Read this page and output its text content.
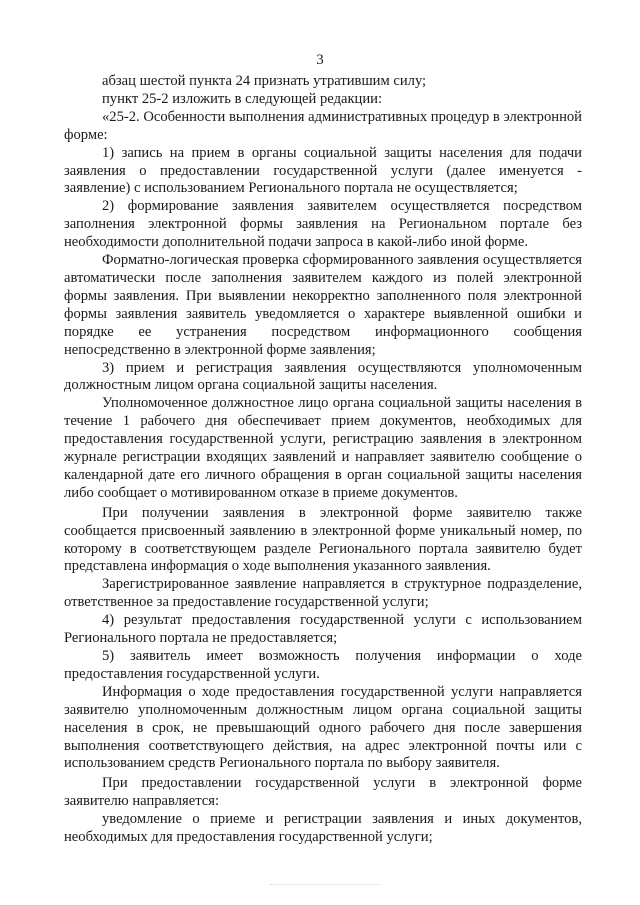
3

абзац шестой пункта 24 признать утратившим силу;

пункт 25-2 изложить в следующей редакции:

«25-2. Особенности выполнения административных процедур в электронной форме:

1) запись на прием в органы социальной защиты населения для подачи заявления о предоставлении государственной услуги (далее именуется - заявление) с использованием Регионального портала не осуществляется;

2) формирование заявления заявителем осуществляется посредством заполнения электронной формы заявления на Региональном портале без необходимости дополнительной подачи запроса в какой-либо иной форме.

Форматно-логическая проверка сформированного заявления осуществляется автоматически после заполнения заявителем каждого из полей электронной формы заявления. При выявлении некорректно заполненного поля электронной формы заявления заявитель уведомляется о характере выявленной ошибки и порядке ее устранения посредством информационного сообщения непосредственно в электронной форме заявления;

3) прием и регистрация заявления осуществляются уполномоченным должностным лицом органа социальной защиты населения.

Уполномоченное должностное лицо органа социальной защиты населения в течение 1 рабочего дня обеспечивает прием документов, необходимых для предоставления государственной услуги, регистрацию заявления в электронном журнале регистрации входящих заявлений и направляет заявителю сообщение о календарной дате его личного обращения в орган социальной защиты населения либо сообщает о мотивированном отказе в приеме документов.

При получении заявления в электронной форме заявителю также сообщается присвоенный заявлению в электронной форме уникальный номер, по которому в соответствующем разделе Регионального портала заявителю будет представлена информация о ходе выполнения указанного заявления.

Зарегистрированное заявление направляется в структурное подразделение, ответственное за предоставление государственной услуги;

4) результат предоставления государственной услуги с использованием Регионального портала не предоставляется;

5) заявитель имеет возможность получения информации о ходе предоставления государственной услуги.

Информация о ходе предоставления государственной услуги направляется заявителю уполномоченным должностным лицом органа социальной защиты населения в срок, не превышающий одного рабочего дня после завершения выполнения соответствующего действия, на адрес электронной почты или с использованием средств Регионального портала по выбору заявителя.

При предоставлении государственной услуги в электронной форме заявителю направляется:

уведомление о приеме и регистрации заявления и иных документов, необходимых для предоставления государственной услуги;
